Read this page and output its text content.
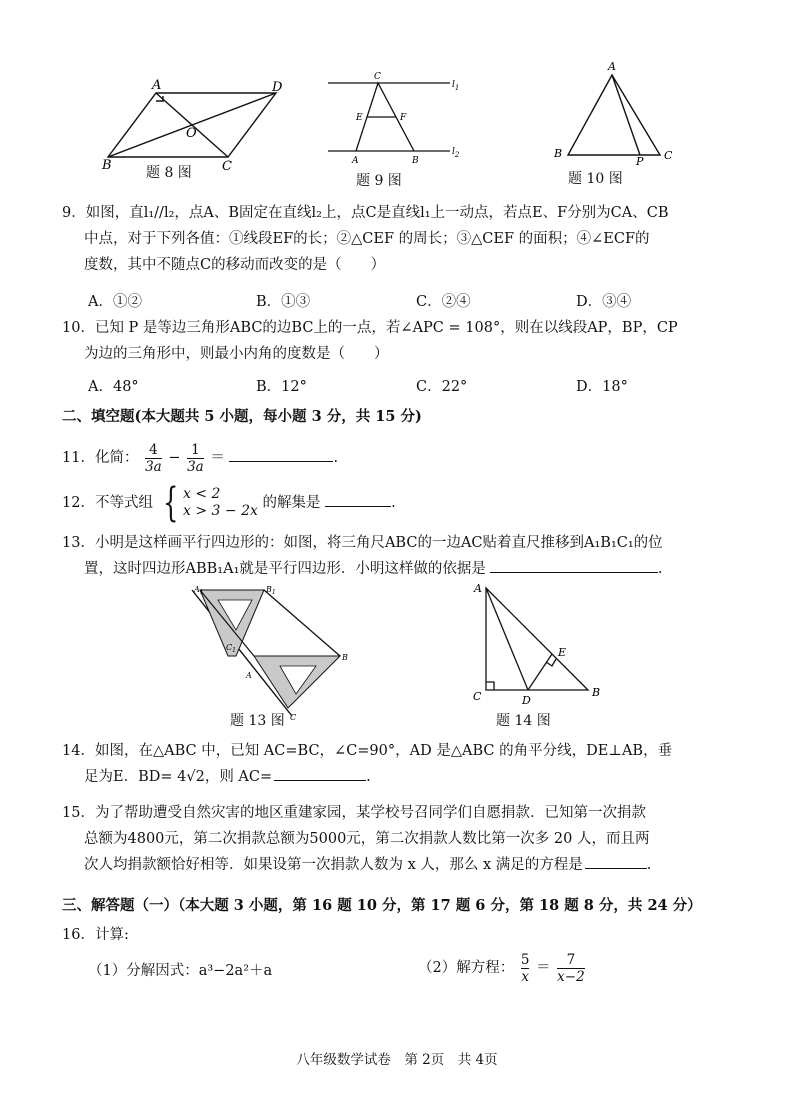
A	D
O
B	C
C
$l_1$
E	F
A	B
$l_2$
A
B
P C
题 8 图	题 9 图	题 10 图
9．如图，直l₁//l₂，点A、B固定在直线l₂上，点C是直线l₁上一动点，若点E、F分别为CA、CB
中点，对于下列各值：①线段EF的长；②△CEF 的周长；③△CEF 的面积；④∠ECF的
度数，其中不随点C的移动而改变的是（　　）
A．①②	B．①③	C．②④	D．③④
10．已知 P 是等边三角形ABC的边BC上的一点，若∠APC = 108°，则在以线段AP，BP，CP
为边的三角形中，则最小内角的度数是（　　）
A．48°	B．12°	C．22°	D．18°
二、填空题(本大题共 5 小题，每小题 3 分，共 15 分)
11．化简： $\frac{4}{3a} - \frac{1}{3a}$ ＝	.
12．不等式组 { x < 2
x > 3 − 2x 的解集是	.
13．小明是这样画平行四边形的：如图，将三角尺ABC的一边AC贴着直尺推移到A₁B₁C₁的位
置，这时四边形ABB₁A₁就是平行四边形．小明这样做的依据是	.
$A_1$	$B_1$
$C_1$
A
B
C
A
E
C	D
B
题 13 图	题 14 图
14．如图，在△ABC 中，已知 AC=BC，∠C=90°，AD 是△ABC 的角平分线，DE⊥AB，垂
足为E．BD= 4√2，则 AC=	.
15．为了帮助遭受自然灾害的地区重建家园，某学校号召同学们自愿捐款．已知第一次捐款
总额为4800元，第二次捐款总额为5000元，第二次捐款人数比第一次多 20 人，而且两
次人均捐款额恰好相等．如果设第一次捐款人数为 x 人，那么 x 满足的方程是	.
三、解答题（一）（本大题 3 小题，第 16 题 10 分，第 17 题 6 分，第 18 题 8 分，共 24 分）
16．计算:
（1）分解因式：a³−2a²＋a	（2）解方程： $\frac{5}{x} = \frac{7}{x-2}$
八年级数学试卷　第 2页　共 4页
